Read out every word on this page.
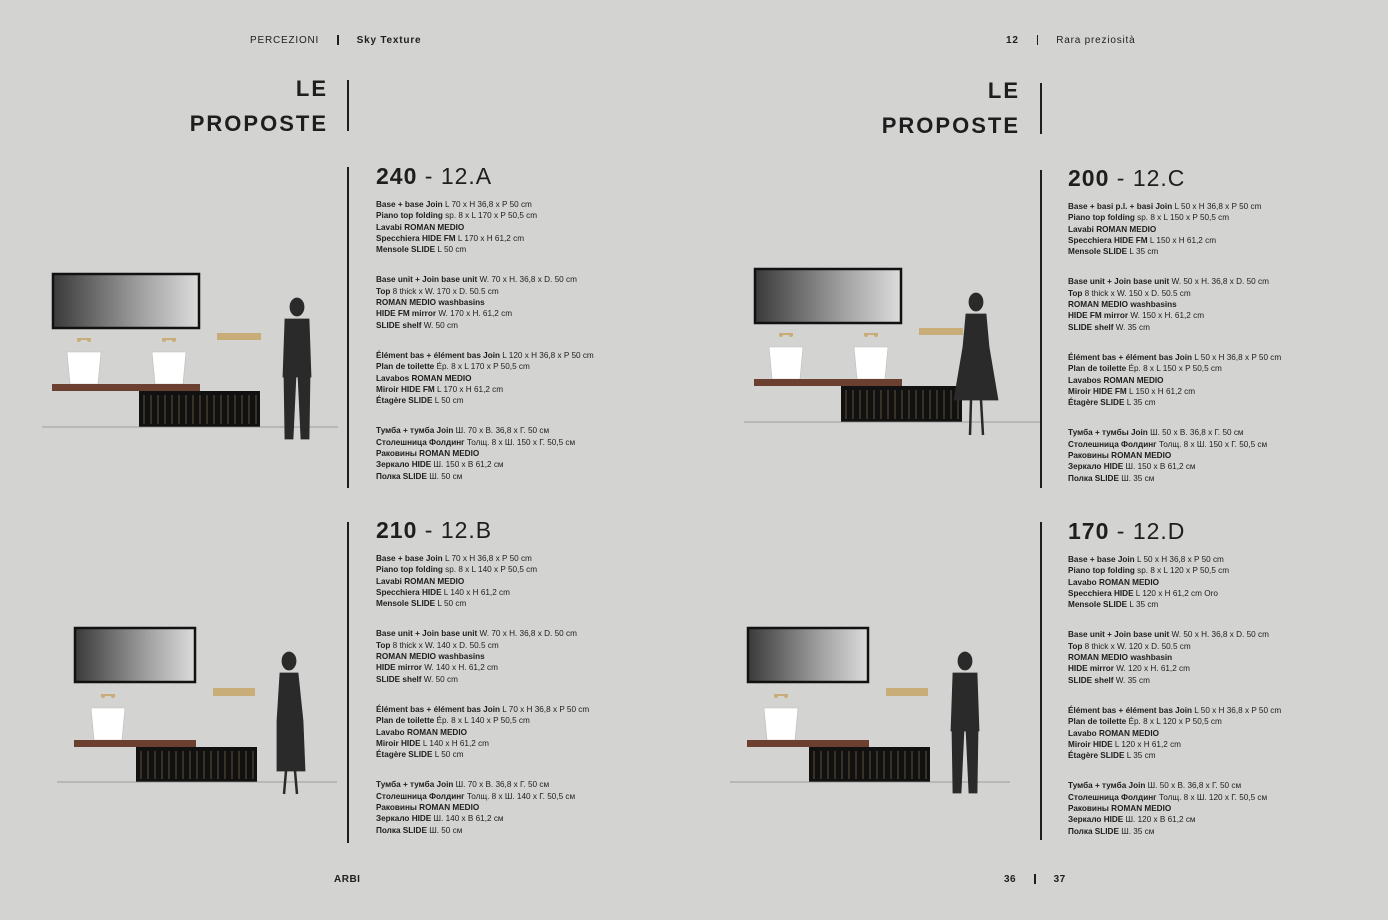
PERCEZIONI	Sky Texture
LE
PROPOSTE
240 - 12.A
Base + base Join L 70 x H 36,8 x P 50 cm
Piano top folding sp. 8 x L 170 x P 50,5 cm
Lavabi ROMAN MEDIO
Specchiera HIDE FM L 170 x H 61,2 cm
Mensole SLIDE L 50 cm
Base unit + Join base unit W. 70 x H. 36,8 x D. 50 cm
Top 8 thick x W. 170 x D. 50.5 cm
ROMAN MEDIO washbasins
HIDE FM mirror W. 170 x H. 61,2 cm
SLIDE shelf W. 50 cm
Élément bas + élément bas Join L 120 x H 36,8 x P 50 cm
Plan de toilette Ép. 8 x L 170 x P 50,5 cm
Lavabos ROMAN MEDIO
Miroir HIDE FM L 170 x H 61,2 cm
Étagère SLIDE L 50 cm
Тумба + тумба Join Ш. 70 x В. 36,8 x Г. 50 см
Столешница Фолдинг Толщ. 8 x Ш. 150 x Г. 50,5 см
Раковины ROMAN MEDIO
Зеркало HIDE Ш. 150 x В 61,2 см
Полка SLIDE Ш. 50 см
210 - 12.B
Base + base Join L 70 x H 36,8 x P 50 cm
Piano top folding sp. 8 x L 140 x P 50,5 cm
Lavabi ROMAN MEDIO
Specchiera HIDE L 140 x H 61,2 cm
Mensole SLIDE L 50 cm
Base unit + Join base unit W. 70 x H. 36,8 x D. 50 cm
Top 8 thick x W. 140 x D. 50.5 cm
ROMAN MEDIO washbasins
HIDE mirror W. 140 x H. 61,2 cm
SLIDE shelf W. 50 cm
Élément bas + élément bas Join L 70 x H 36,8 x P 50 cm
Plan de toilette Ép. 8 x L 140 x P 50,5 cm
Lavabo ROMAN MEDIO
Miroir HIDE L 140 x H 61,2 cm
Étagère SLIDE L 50 cm
Тумба + тумба Join Ш. 70 x В. 36,8 x Г. 50 см
Столешница Фолдинг Толщ. 8 x Ш. 140 x Г. 50,5 см
Раковины ROMAN MEDIO
Зеркало HIDE Ш. 140 x В 61,2 см
Полка SLIDE Ш. 50 см
ARBI
12	Rara preziosità
LE
PROPOSTE
200 - 12.C
Base + basi p.l. + basi Join L 50 x H 36,8 x P 50 cm
Piano top folding sp. 8 x L 150 x P 50,5 cm
Lavabi ROMAN MEDIO
Specchiera HIDE FM L 150 x H 61,2 cm
Mensole SLIDE L 35 cm
Base unit + Join base unit W. 50 x H. 36,8 x D. 50 cm
Top 8 thick x W. 150 x D. 50.5 cm
ROMAN MEDIO washbasins
HIDE FM mirror W. 150 x H. 61,2 cm
SLIDE shelf W. 35 cm
Élément bas + élément bas Join L 50 x H 36,8 x P 50 cm
Plan de toilette Ép. 8 x L 150 x P 50,5 cm
Lavabos ROMAN MEDIO
Miroir HIDE FM L 150 x H 61,2 cm
Étagère SLIDE L 35 cm
Тумба + тумбы Join Ш. 50 x В. 36,8 x Г. 50 см
Столешница Фолдинг Толщ. 8 x Ш. 150 x Г. 50,5 см
Раковины ROMAN MEDIO
Зеркало HIDE Ш. 150 x В 61,2 см
Полка SLIDE Ш. 35 см
170 - 12.D
Base + base Join L 50 x H 36,8 x P 50 cm
Piano top folding sp. 8 x L 120 x P 50,5 cm
Lavabo ROMAN MEDIO
Specchiera HIDE L 120 x H 61,2 cm Oro
Mensole SLIDE L 35 cm
Base unit + Join base unit W. 50 x H. 36,8 x D. 50 cm
Top 8 thick x W. 120 x D. 50.5 cm
ROMAN MEDIO washbasin
HIDE mirror W. 120 x H. 61,2 cm
SLIDE shelf W. 35 cm
Élément bas + élément bas Join L 50 x H 36,8 x P 50 cm
Plan de toilette Ép. 8 x L 120 x P 50,5 cm
Lavabo ROMAN MEDIO
Miroir HIDE L 120 x H 61,2 cm
Étagère SLIDE L 35 cm
Тумба + тумба Join Ш. 50 x В. 36,8 x Г. 50 см
Столешница Фолдинг Толщ. 8 x Ш. 120 x Г. 50,5 см
Раковины ROMAN MEDIO
Зеркало HIDE Ш. 120 x В 61,2 см
Полка SLIDE Ш. 35 см
36	37
